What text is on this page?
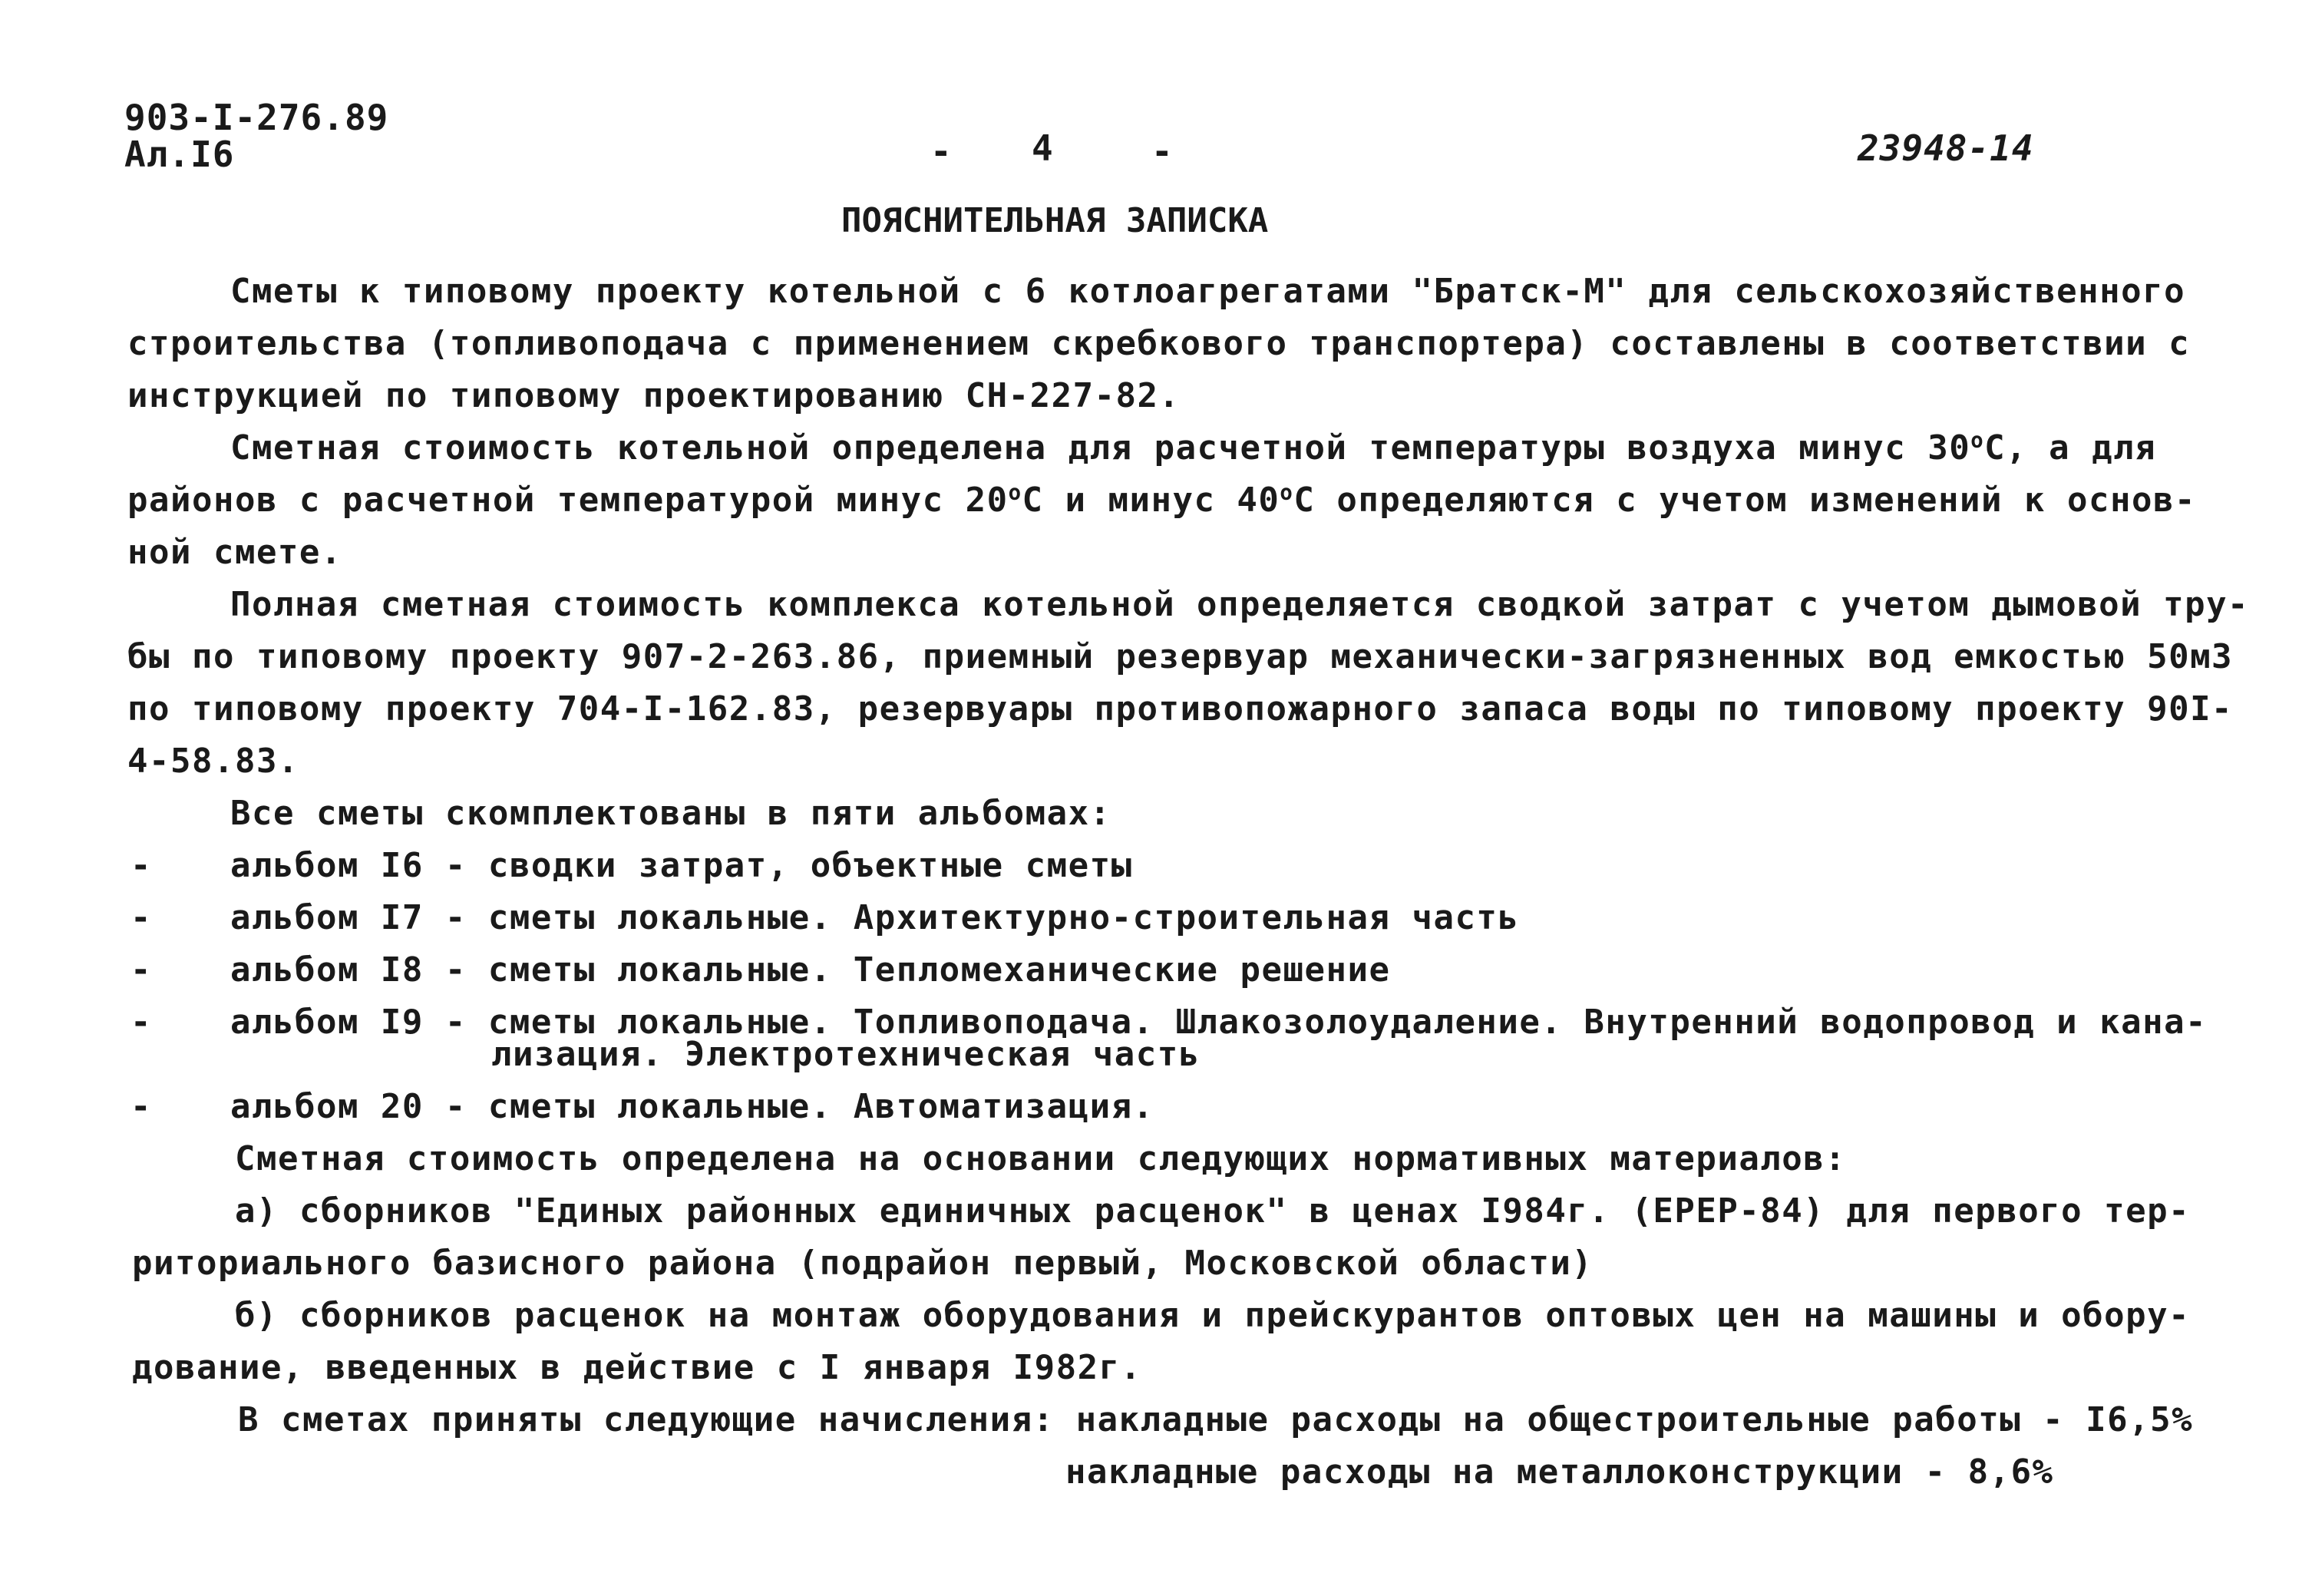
903-I-276.89
Ал.I6	- 4	-	23948-14
ПОЯСНИТЕЛЬНАЯ ЗАПИСКА
Сметы к типовому проекту котельной с 6 котлоагрегатами "Братск-М" для сельскохозяйственного
строительства (топливоподача с применением скребкового транспортера) составлены в соответствии с
инструкцией по типовому проектированию СН-227-82.
Сметная стоимость котельной определена для расчетной температуры воздуха минус 30$^o$С, а для
районов с расчетной температурой минус 20$^o$С и минус 40$^o$С определяются с учетом изменений к основ-
ной смете.
Полная сметная стоимость комплекса котельной определяется сводкой затрат с учетом дымовой тру-
бы по типовому проекту 907-2-263.86, приемный резервуар механически-загрязненных вод емкостью 50м3
по типовому проекту 704-I-162.83, резервуары противопожарного запаса воды по типовому проекту 90I-
4-58.83.
Все сметы скомплектованы в пяти альбомах:
- альбом I6 - сводки затрат, объектные сметы
- альбом I7 - сметы локальные. Архитектурно-строительная часть
- альбом I8 - сметы локальные. Тепломеханические решение
- альбом I9 - сметы локальные. Топливоподача. Шлакозолоудаление. Внутренний водопровод и кана-
лизация. Электротехническая часть
- альбом 20 - сметы локальные. Автоматизация.
Сметная стоимость определена на основании следующих нормативных материалов:
а) сборников "Единых районных единичных расценок" в ценах I984г. (ЕРЕР-84) для первого тер-
риториального базисного района (подрайон первый, Московской области)
б) сборников расценок на монтаж оборудования и прейскурантов оптовых цен на машины и обору-
дование, введенных в действие с I января I982г.
В сметах приняты следующие начисления: накладные расходы на общестроительные работы - I6,5%
накладные расходы на металлоконструкции - 8,6%
